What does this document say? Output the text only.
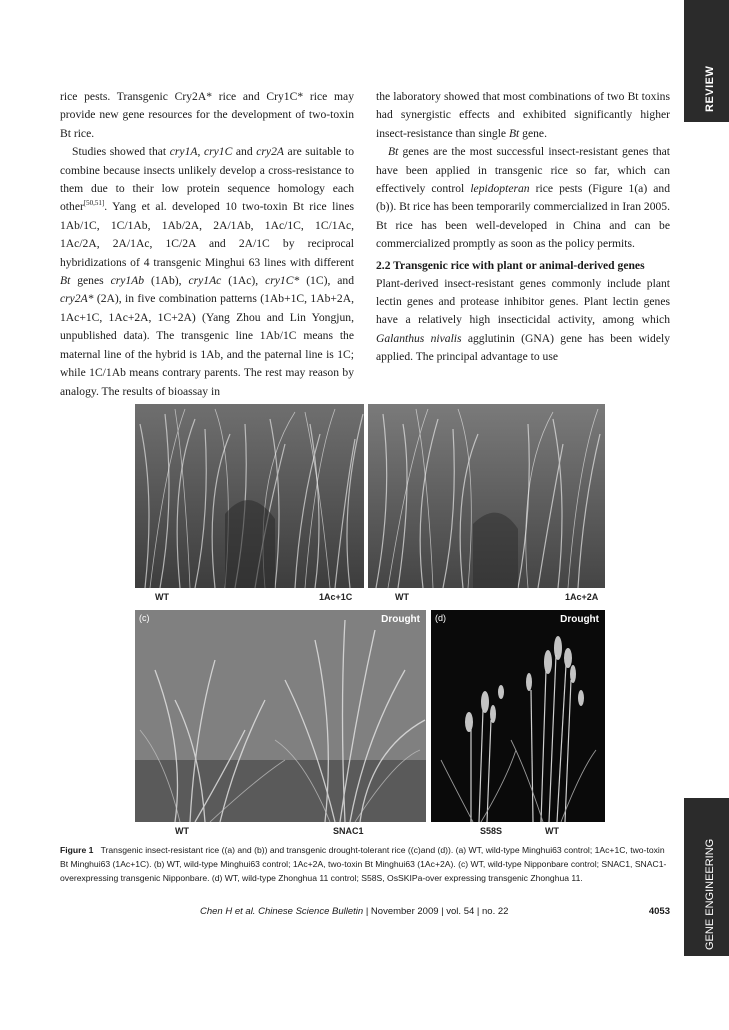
REVIEW
GENE ENGINEERING

rice pests. Transgenic Cry2A* rice and Cry1C* rice may provide new gene resources for the development of two-toxin Bt rice.

Studies showed that cry1A, cry1C and cry2A are suitable to combine because insects unlikely develop a cross-resistance to them due to their low protein sequence homology each other[50,51]. Yang et al. developed 10 two-toxin Bt rice lines 1Ab/1C, 1C/1Ab, 1Ab/2A, 2A/1Ab, 1Ac/1C, 1C/1Ac, 1Ac/2A, 2A/1Ac, 1C/2A and 2A/1C by reciprocal hybridizations of 4 transgenic Minghui 63 lines with different Bt genes cry1Ab (1Ab), cry1Ac (1Ac), cry1C* (1C), and cry2A* (2A), in five combination patterns (1Ab+1C, 1Ab+2A, 1Ac+1C, 1Ac+2A, 1C+2A) (Yang Zhou and Lin Yongjun, unpublished data). The transgenic line 1Ab/1C means the maternal line of the hybrid is 1Ab, and the paternal line is 1C; while 1C/1Ab means contrary parents. The rest may reason by analogy. The results of bioassay in

the laboratory showed that most combinations of two Bt toxins had synergistic effects and exhibited significantly higher insect-resistance than single Bt gene.

Bt genes are the most successful insect-resistant genes that have been applied in transgenic rice so far, which can effectively control lepidopteran rice pests (Figure 1(a) and (b)). Bt rice has been temporarily commercialized in Iran 2005. Bt rice has been well-developed in China and can be commercialized promptly as soon as the policy permits.

2.2 Transgenic rice with plant or animal-derived genes

Plant-derived insect-resistant genes commonly include plant lectin genes and protease inhibitor genes. Plant lectin genes have a relatively high insecticidal activity, among which Galanthus nivalis agglutinin (GNA) gene has been widely applied. The principal advantage to use

WT	1Ac+1C	WT	1Ac+2A
(c)	Drought
WT	SNAC1
(d)	Drought
S58S	WT
Figure 1 Transgenic insect-resistant rice ((a) and (b)) and transgenic drought-tolerant rice ((c)and (d)). (a) WT, wild-type Minghui63 control; 1Ac+1C, two-toxin Bt Minghui63 (1Ac+1C). (b) WT, wild-type Minghui63 control; 1Ac+2A, two-toxin Bt Minghui63 (1Ac+2A). (c) WT, wild-type Nipponbare control; SNAC1, SNAC1-overexpressing transgenic Nipponbare. (d) WT, wild-type Zhonghua 11 control; S58S, OsSKIPa-over expressing transgenic Zhonghua 11.
Chen H et al. Chinese Science Bulletin | November 2009 | vol. 54 | no. 22	4053
